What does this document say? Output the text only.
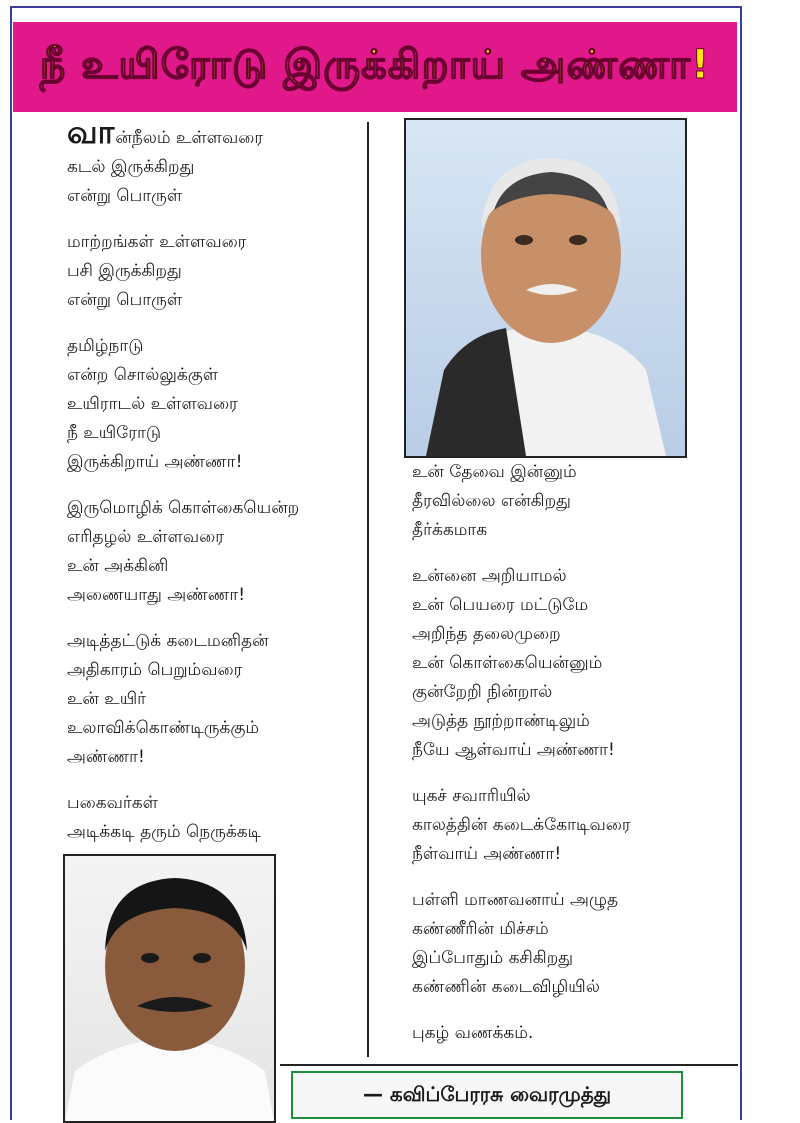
நீ உயிரோடு இருக்கிறாய் அண்ணா!
வா ன்நீலம் உள்ளவரை
கடல் இருக்கிறது
என்று பொருள்
மாற்றங்கள் உள்ளவரை
பசி இருக்கிறது
என்று பொருள்
தமிழ்நாடு
என்ற சொல்லுக்குள்
உயிராடல் உள்ளவரை
நீ உயிரோடு
இருக்கிறாய் அண்ணா!
இருமொழிக் கொள்கையென்ற
எரிதழல் உள்ளவரை
உன் அக்கினி
அணையாது அண்ணா!
அடித்தட்டுக் கடைமனிதன்
அதிகாரம் பெறும்வரை
உன் உயிர்
உலாவிக்கொண்டிருக்கும்
அண்ணா!
பகைவர்கள்
அடிக்கடி தரும் நெருக்கடி
உன் தேவை இன்னும்
தீரவில்லை என்கிறது
தீர்க்கமாக
உன்னை அறியாமல்
உன் பெயரை மட்டுமே
அறிந்த தலைமுறை
உன் கொள்கையென்னும்
குன்றேறி நின்றால்
அடுத்த நூற்றாண்டிலும்
நீயே ஆள்வாய் அண்ணா!
யுகச் சவாரியில்
காலத்தின் கடைக்கோடிவரை
நீள்வாய் அண்ணா!
பள்ளி மாணவனாய் அழுத
கண்ணீரின் மிச்சம்
இப்போதும் கசிகிறது
கண்ணின் கடைவிழியில்
புகழ் வணக்கம்.
— கவிப்பேரரசு வைரமுத்து
